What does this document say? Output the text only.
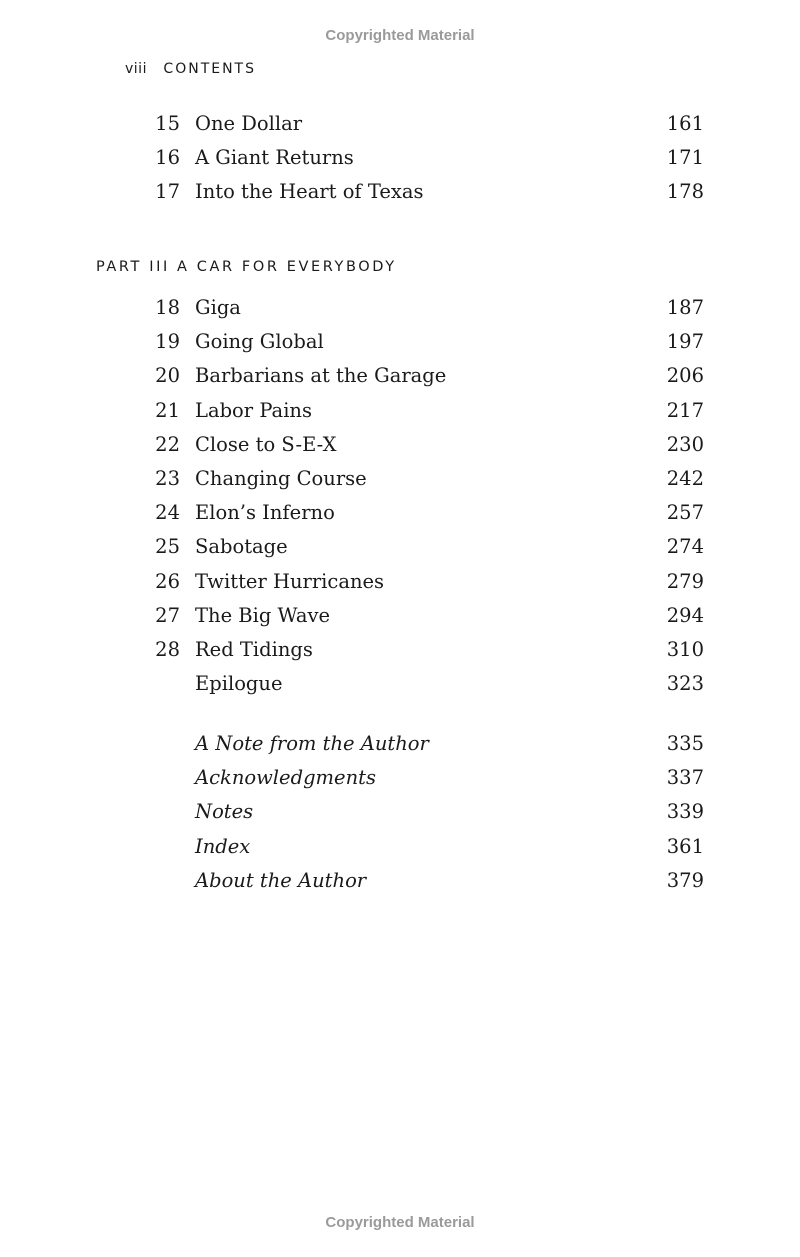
Copyrighted Material
viii CONTENTS
15 One Dollar	161
16 A Giant Returns	171
17 Into the Heart of Texas	178
PART III A CAR FOR EVERYBODY
18 Giga	187
19 Going Global	197
20 Barbarians at the Garage	206
21 Labor Pains	217
22 Close to S-E-X	230
23 Changing Course	242
24 Elon’s Inferno	257
25 Sabotage	274
26 Twitter Hurricanes	279
27 The Big Wave	294
28 Red Tidings	310
Epilogue	323
A Note from the Author	335
Acknowledgments	337
Notes	339
Index	361
About the Author	379
Copyrighted Material
